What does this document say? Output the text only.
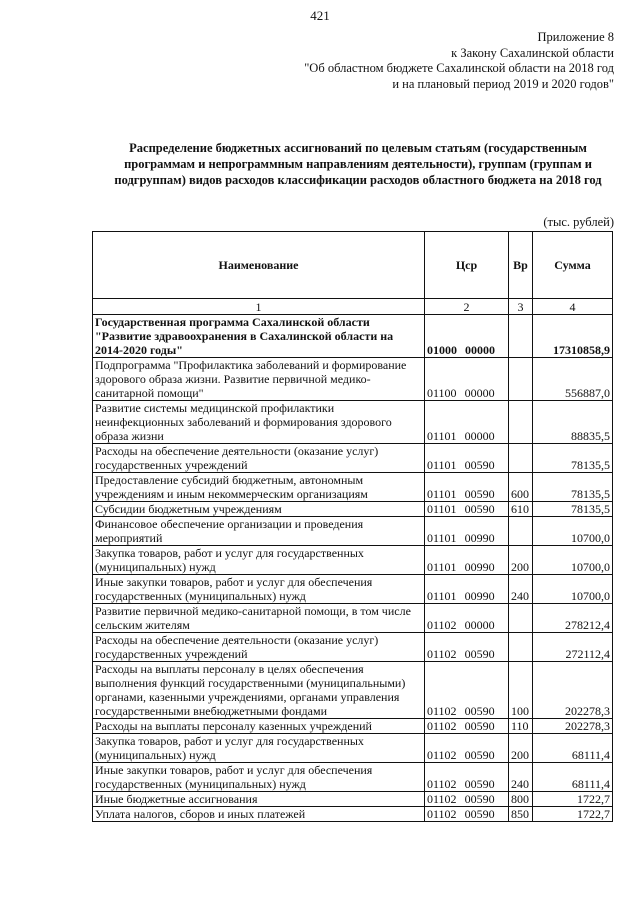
421
Приложение 8
к Закону Сахалинской области
"Об областном бюджете Сахалинской области на 2018 год
и на плановый период 2019 и 2020 годов"
Распределение бюджетных ассигнований по целевым статьям (государственным
программам и непрограммным направлениям деятельности), группам (группам и
подгруппам) видов расходов классификации расходов областного бюджета на 2018 год
(тыс. рублей)
Наименование	Цср	Вр	Сумма
1	2	3	4
Государственная программа Сахалинской области "Развитие здравоохранения в Сахалинской области на 2014-2020 годы"	01000 00000		17310858,9
Подпрограмма "Профилактика заболеваний и формирование здорового образа жизни. Развитие первичной медико-санитарной помощи"	01100 00000		556887,0
Развитие системы медицинской профилактики неинфекционных заболеваний и формирования здорового образа жизни	01101 00000		88835,5
Расходы на обеспечение деятельности (оказание услуг) государственных учреждений	01101 00590		78135,5
Предоставление субсидий бюджетным, автономным учреждениям и иным некоммерческим организациям	01101 00590	600	78135,5
Субсидии бюджетным учреждениям	01101 00590	610	78135,5
Финансовое обеспечение организации и проведения мероприятий	01101 00990		10700,0
Закупка товаров, работ и услуг для государственных (муниципальных) нужд	01101 00990	200	10700,0
Иные закупки товаров, работ и услуг для обеспечения государственных (муниципальных) нужд	01101 00990	240	10700,0
Развитие первичной медико-санитарной помощи, в том числе сельским жителям	01102 00000		278212,4
Расходы на обеспечение деятельности (оказание услуг) государственных учреждений	01102 00590		272112,4
Расходы на выплаты персоналу в целях обеспечения выполнения функций государственными (муниципальными) органами, казенными учреждениями, органами управления государственными внебюджетными фондами	01102 00590	100	202278,3
Расходы на выплаты персоналу казенных учреждений	01102 00590	110	202278,3
Закупка товаров, работ и услуг для государственных (муниципальных) нужд	01102 00590	200	68111,4
Иные закупки товаров, работ и услуг для обеспечения государственных (муниципальных) нужд	01102 00590	240	68111,4
Иные бюджетные ассигнования	01102 00590	800	1722,7
Уплата налогов, сборов и иных платежей	01102 00590	850	1722,7
